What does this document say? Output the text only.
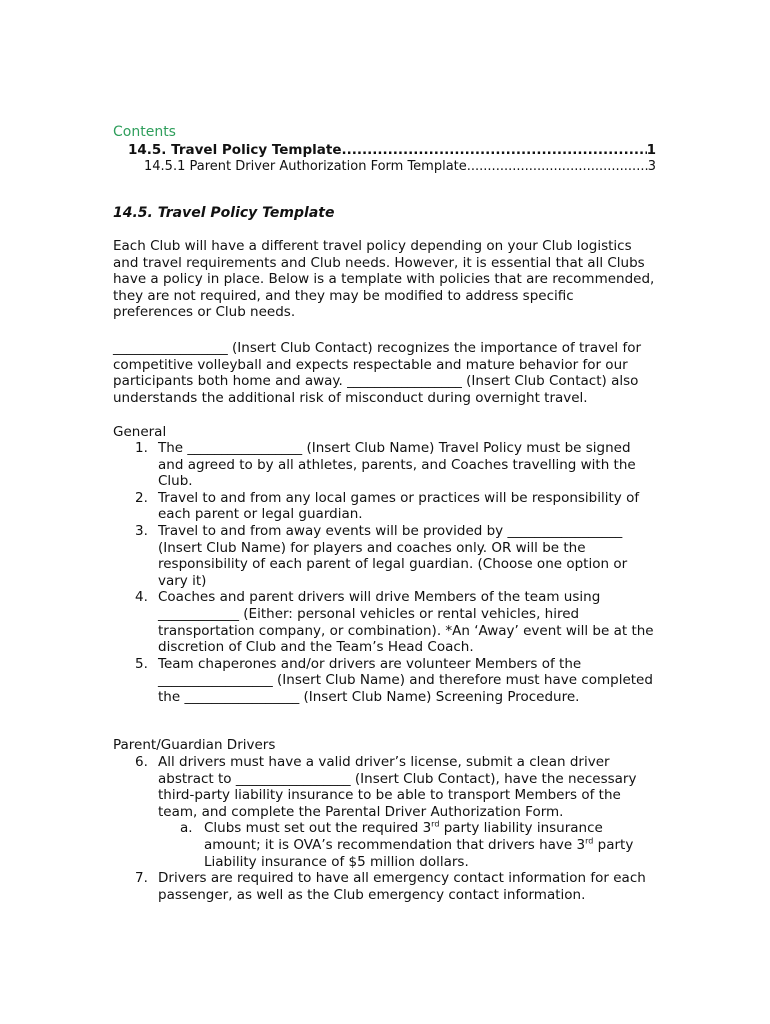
Contents
14.5. Travel Policy Template .....	1
14.5.1 Parent Driver Authorization Form Template .....	3
14.5. Travel Policy Template

Each Club will have a different travel policy depending on your Club logistics and travel requirements and Club needs. However, it is essential that all Clubs have a policy in place. Below is a template with policies that are recommended, they are not required, and they may be modified to address specific preferences or Club needs.

_________________ (Insert Club Contact) recognizes the importance of travel for competitive volleyball and expects respectable and mature behavior for our participants both home and away. _________________ (Insert Club Contact) also understands the additional risk of misconduct during overnight travel.

General
1. The _________________ (Insert Club Name) Travel Policy must be signed and agreed to by all athletes, parents, and Coaches travelling with the Club.
2. Travel to and from any local games or practices will be responsibility of each parent or legal guardian.
3. Travel to and from away events will be provided by _________________ (Insert Club Name) for players and coaches only. OR will be the responsibility of each parent of legal guardian. (Choose one option or vary it)
4. Coaches and parent drivers will drive Members of the team using ____________ (Either: personal vehicles or rental vehicles, hired transportation company, or combination). *An ‘Away’ event will be at the discretion of Club and the Team’s Head Coach.
5. Team chaperones and/or drivers are volunteer Members of the _________________ (Insert Club Name) and therefore must have completed the _________________ (Insert Club Name) Screening Procedure.
Parent/Guardian Drivers
6. All drivers must have a valid driver’s license, submit a clean driver abstract to _________________ (Insert Club Contact), have the necessary third-party liability insurance to be able to transport Members of the team, and complete the Parental Driver Authorization Form.
a. Clubs must set out the required 3rd party liability insurance amount; it is OVA’s recommendation that drivers have 3rd party Liability insurance of $5 million dollars.
7. Drivers are required to have all emergency contact information for each passenger, as well as the Club emergency contact information.
